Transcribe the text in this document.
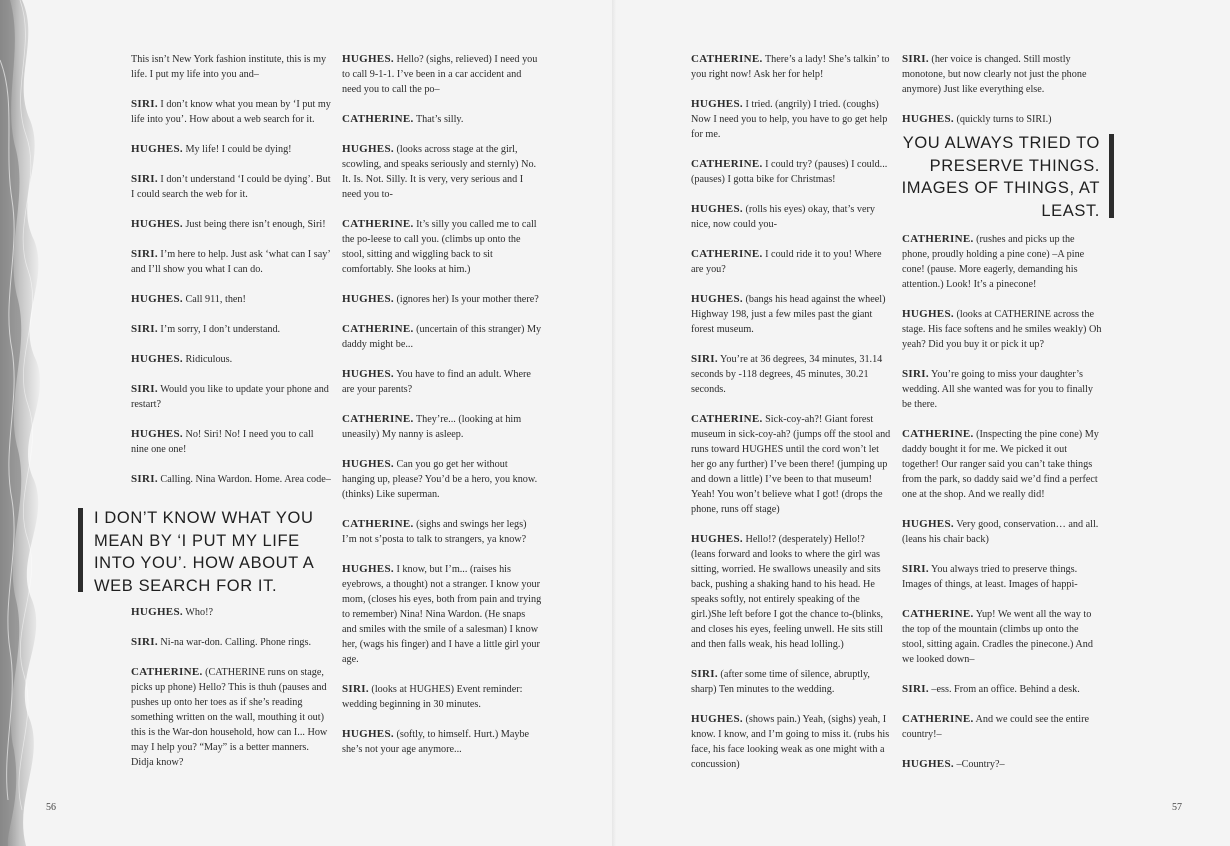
This isn’t New York fashion institute, this is my life. I put my life into you and–

SIRI. I don’t know what you mean by ‘I put my life into you’. How about a web search for it.

HUGHES. My life! I could be dying!

SIRI. I don’t understand ‘I could be dying’. But I could search the web for it.

HUGHES. Just being there isn’t enough, Siri!

SIRI. I’m here to help. Just ask ‘what can I say’ and I’ll show you what I can do.

HUGHES. Call 911, then!

SIRI. I’m sorry, I don’t understand.

HUGHES. Ridiculous.

SIRI. Would you like to update your phone and restart?

HUGHES. No! Siri! No! I need you to call nine one one!

SIRI. Calling. Nina Wardon. Home. Area code–

I DON’T KNOW WHAT YOU MEAN BY ‘I PUT MY LIFE INTO YOU’. HOW ABOUT A WEB SEARCH FOR IT.

HUGHES. Who!?

SIRI. Ni-na war-don. Calling. Phone rings.

CATHERINE. (CATHERINE runs on stage, picks up phone) Hello? This is thuh (pauses and pushes up onto her toes as if she’s reading something written on the wall, mouthing it out) this is the War-don household, how can I... How may I help you? “May” is a better manners. Didja know?

HUGHES. Hello? (sighs, relieved) I need you to call 9-1-1. I’ve been in a car accident and need you to call the po–

CATHERINE. That’s silly.

HUGHES. (looks across stage at the girl, scowling, and speaks seriously and sternly) No. It. Is. Not. Silly. It is very, very serious and I need you to-

CATHERINE. It’s silly you called me to call the po-leese to call you. (climbs up onto the stool, sitting and wiggling back to sit comfortably. She looks at him.)

HUGHES. (ignores her) Is your mother there?

CATHERINE. (uncertain of this stranger) My daddy might be...

HUGHES. You have to find an adult. Where are your parents?

CATHERINE. They’re... (looking at him uneasily) My nanny is asleep.

HUGHES. Can you go get her without hanging up, please? You’d be a hero, you know. (thinks) Like superman.

CATHERINE. (sighs and swings her legs) I’m not s’posta to talk to strangers, ya know?

HUGHES. I know, but I’m... (raises his eyebrows, a thought) not a stranger. I know your mom, (closes his eyes, both from pain and trying to remember) Nina! Nina Wardon. (He snaps and smiles with the smile of a salesman) I know her, (wags his finger) and I have a little girl your age.

SIRI. (looks at HUGHES) Event reminder: wedding beginning in 30 minutes.

HUGHES. (softly, to himself. Hurt.) Maybe she’s not your age anymore...

CATHERINE. There’s a lady! She’s talkin’ to you right now! Ask her for help!

HUGHES. I tried. (angrily) I tried. (coughs) Now I need you to help, you have to go get help for me.

CATHERINE. I could try? (pauses) I could... (pauses) I gotta bike for Christmas!

HUGHES. (rolls his eyes) okay, that’s very nice, now could you-

CATHERINE. I could ride it to you! Where are you?

HUGHES. (bangs his head against the wheel) Highway 198, just a few miles past the giant forest museum.

SIRI. You’re at 36 degrees, 34 minutes, 31.14 seconds by -118 degrees, 45 minutes, 30.21 seconds.

CATHERINE. Sick-coy-ah?! Giant forest museum in sick-coy-ah? (jumps off the stool and runs toward HUGHES until the cord won’t let her go any further) I’ve been there! (jumping up and down a little) I’ve been to that museum! Yeah! You won’t believe what I got! (drops the phone, runs off stage)

HUGHES. Hello!? (desperately) Hello!? (leans forward and looks to where the girl was sitting, worried. He swallows uneasily and sits back, pushing a shaking hand to his head. He speaks softly, not entirely speaking of the girl.)She left before I got the chance to-(blinks, and closes his eyes, feeling unwell. He sits still and then falls weak, his head lolling.)

SIRI. (after some time of silence, abruptly, sharp) Ten minutes to the wedding.

HUGHES. (shows pain.) Yeah, (sighs) yeah, I know. I know, and I’m going to miss it. (rubs his face, his face looking weak as one might with a concussion)

SIRI. (her voice is changed. Still mostly monotone, but now clearly not just the phone anymore) Just like everything else.

HUGHES. (quickly turns to SIRI.)

YOU ALWAYS TRIED TO PRESERVE THINGS. IMAGES OF THINGS, AT LEAST.

CATHERINE. (rushes and picks up the phone, proudly holding a pine cone) –A pine cone! (pause. More eagerly, demanding his attention.) Look! It’s a pinecone!

HUGHES. (looks at CATHERINE across the stage. His face softens and he smiles weakly) Oh yeah? Did you buy it or pick it up?

SIRI. You’re going to miss your daughter’s wedding. All she wanted was for you to finally be there.

CATHERINE. (Inspecting the pine cone) My daddy bought it for me. We picked it out together! Our ranger said you can’t take things from the park, so daddy said we’d find a perfect one at the shop. And we really did!

HUGHES. Very good, conservation… and all. (leans his chair back)

SIRI. You always tried to preserve things. Images of things, at least. Images of happi-

CATHERINE. Yup! We went all the way to the top of the mountain (climbs up onto the stool, sitting again. Cradles the pinecone.) And we looked down–

SIRI. –ess. From an office. Behind a desk.

CATHERINE. And we could see the entire country!–

HUGHES. –Country?–

56	57
